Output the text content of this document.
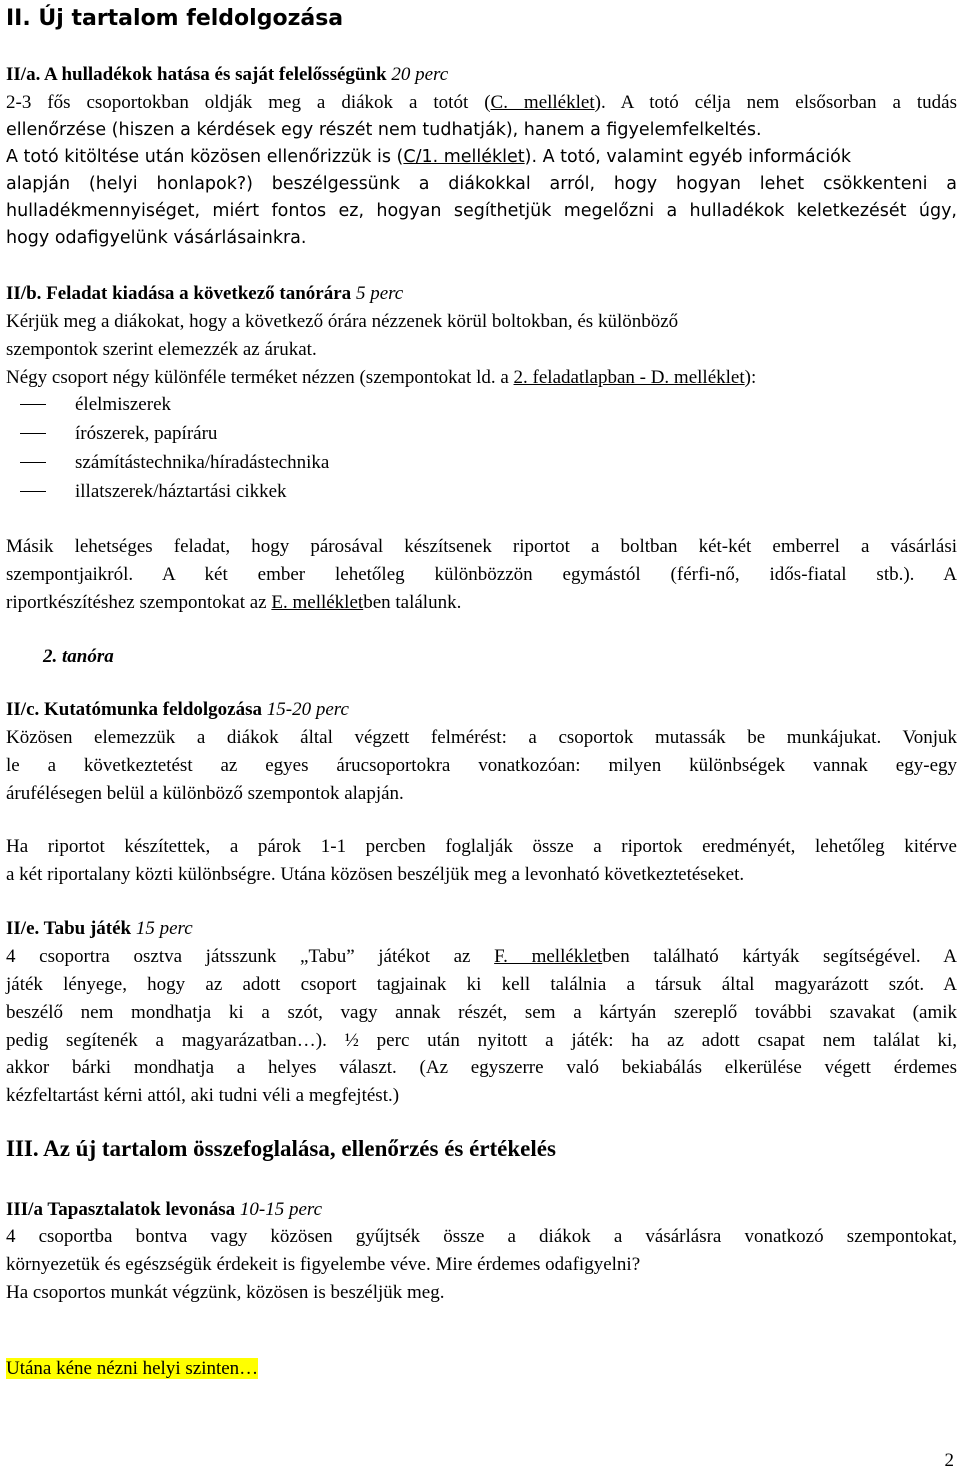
II. Új tartalom feldolgozása
II/a. A hulladékok hatása és saját felelősségünk 20 perc
2-3 fős csoportokban oldják meg a diákok a totót (C. melléklet). A totó célja nem elsősorban a tudás
ellenőrzése (hiszen a kérdések egy részét nem tudhatják), hanem a figyelemfelkeltés.
A totó kitöltése után közösen ellenőrizzük is (C/1. melléklet). A totó, valamint egyéb információk
alapján (helyi honlapok?) beszélgessünk a diákokkal arról, hogy hogyan lehet csökkenteni a
hulladékmennyiséget, miért fontos ez, hogyan segíthetjük megelőzni a hulladékok keletkezését úgy,
hogy odafigyelünk vásárlásainkra.
II/b. Feladat kiadása a következő tanórára 5 perc
Kérjük meg a diákokat, hogy a következő órára nézzenek körül boltokban, és különböző
szempontok szerint elemezzék az árukat.
Négy csoport négy különféle terméket nézzen (szempontokat ld. a 2. feladatlapban - D. melléklet):
élelmiszerek
írószerek, papíráru
számítástechnika/híradástechnika
illatszerek/háztartási cikkek
Másik lehetséges feladat, hogy párosával készítsenek riportot a boltban két-két emberrel a vásárlási
szempontjaikról. A két ember lehetőleg különbözzön egymástól (férfi-nő, idős-fiatal stb.). A
riportkészítéshez szempontokat az E. mellékletben találunk.
2. tanóra
II/c. Kutatómunka feldolgozása 15-20 perc
Közösen elemezzük a diákok által végzett felmérést: a csoportok mutassák be munkájukat. Vonjuk
le a következtetést az egyes árucsoportokra vonatkozóan: milyen különbségek vannak egy-egy
árufélésegen belül a különböző szempontok alapján.
Ha riportot készítettek, a párok 1-1 percben foglalják össze a riportok eredményét, lehetőleg kitérve
a két riportalany közti különbségre. Utána közösen beszéljük meg a levonható következtetéseket.
II/e. Tabu játék 15 perc
4 csoportra osztva játsszunk „Tabu” játékot az F. mellékletben található kártyák segítségével. A
játék lényege, hogy az adott csoport tagjainak ki kell találnia a társuk által magyarázott szót. A
beszélő nem mondhatja ki a szót, vagy annak részét, sem a kártyán szereplő további szavakat (amik
pedig segítenék a magyarázatban…). ½ perc után nyitott a játék: ha az adott csapat nem találat ki,
akkor bárki mondhatja a helyes választ. (Az egyszerre való bekiabálás elkerülése végett érdemes
kézfeltartást kérni attól, aki tudni véli a megfejtést.)
III. Az új tartalom összefoglalása, ellenőrzés és értékelés
III/a Tapasztalatok levonása 10-15 perc
4 csoportba bontva vagy közösen gyűjtsék össze a diákok a vásárlásra vonatkozó szempontokat,
környezetük és egészségük érdekeit is figyelembe véve. Mire érdemes odafigyelni?
Ha csoportos munkát végzünk, közösen is beszéljük meg.
Utána kéne nézni helyi szinten…
2
